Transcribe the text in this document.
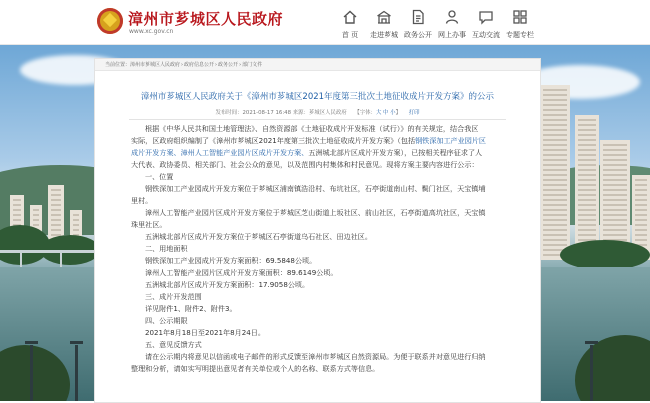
漳州市芗城区人民政府
www.xc.gov.cn	首 页	走进芗城 政务公开 网上办事 互动交流 专题专栏
当前位置：漳州市芗城区人民政府›政府信息公开›政务公开›部门文件
漳州市芗城区人民政府关于《漳州市芗城区2021年度第三批次土地征收成片开发方案》的公示
发布时间：2021-08-17 16:48 来源：芗城区人民政府 【字体：大 中 小】 打印

根据《中华人民共和国土地管理法》、自然资源部《土地征收成片开发标准（试行）》的有关规定，结合我区

实际，区政府组织编制了《漳州市芗城区2021年度第三批次土地征收成片开发方案》（包括钢铁深加工产业园片区

成片开发方案、漳州人工智能产业园片区成片开发方案、五洲城北部片区成片开发方案），已按相关程序征求了人

大代表、政协委员、相关部门、社会公众的意见，以及范围内村集体和村民意见。现将方案主要内容进行公示：

一、位置

钢铁深加工产业园成片开发方案位于芗城区浦南镇浩沿村、布坑社区，石亭街道南山村、鬓门社区，天宝镇埔

里村。

漳州人工智能产业园片区成片开发方案位于芗城区芝山街道上坂社区、前山社区，石亭街道高坑社区，天宝镇

珠里社区。

五洲城北部片区成片开发方案位于芗城区石亭街道乌石社区、田边社区。

二、用地面积

钢铁深加工产业园成片开发方案面积：69.5848公顷。

漳州人工智能产业园片区成片开发方案面积：89.6149公顷。

五洲城北部片区成片开发方案面积：17.9058公顷。

三、成片开发范围

详见附件1、附件2、附件3。

四、公示期限

2021年8月18日至2021年8月24日。

五、意见反馈方式

请在公示期内将意见以信函或电子邮件的形式反馈至漳州市芗城区自然资源局。为便于联系并对意见进行归纳

整理和分析，请如实写明提出意见者有关单位或个人的名称、联系方式等信息。
